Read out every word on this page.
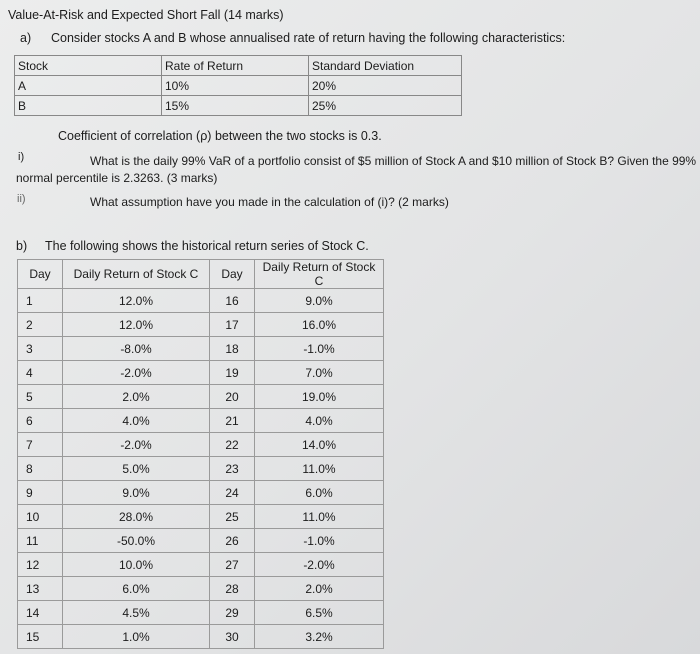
Value-At-Risk and Expected Short Fall (14 marks)
a) Consider stocks A and B whose annualised rate of return having the following characteristics:
Stock	Rate of Return	Standard Deviation
A	10%	20%
B	15%	25%
Coefficient of correlation (ρ) between the two stocks is 0.3.
i)	What is the daily 99% VaR of a portfolio consist of $5 million of Stock A and $10 million of Stock B? Given the 99%
normal percentile is 2.3263. (3 marks)
ii)	What assumption have you made in the calculation of (i)? (2 marks)
b) The following shows the historical return series of Stock C.
Day	Daily Return of Stock C	Day	Daily Return of Stock C
1	12.0%	16	9.0%
2	12.0%	17	16.0%
3	-8.0%	18	-1.0%
4	-2.0%	19	7.0%
5	2.0%	20	19.0%
6	4.0%	21	4.0%
7	-2.0%	22	14.0%
8	5.0%	23	11.0%
9	9.0%	24	6.0%
10	28.0%	25	11.0%
11	-50.0%	26	-1.0%
12	10.0%	27	-2.0%
13	6.0%	28	2.0%
14	4.5%	29	6.5%
15	1.0%	30	3.2%
